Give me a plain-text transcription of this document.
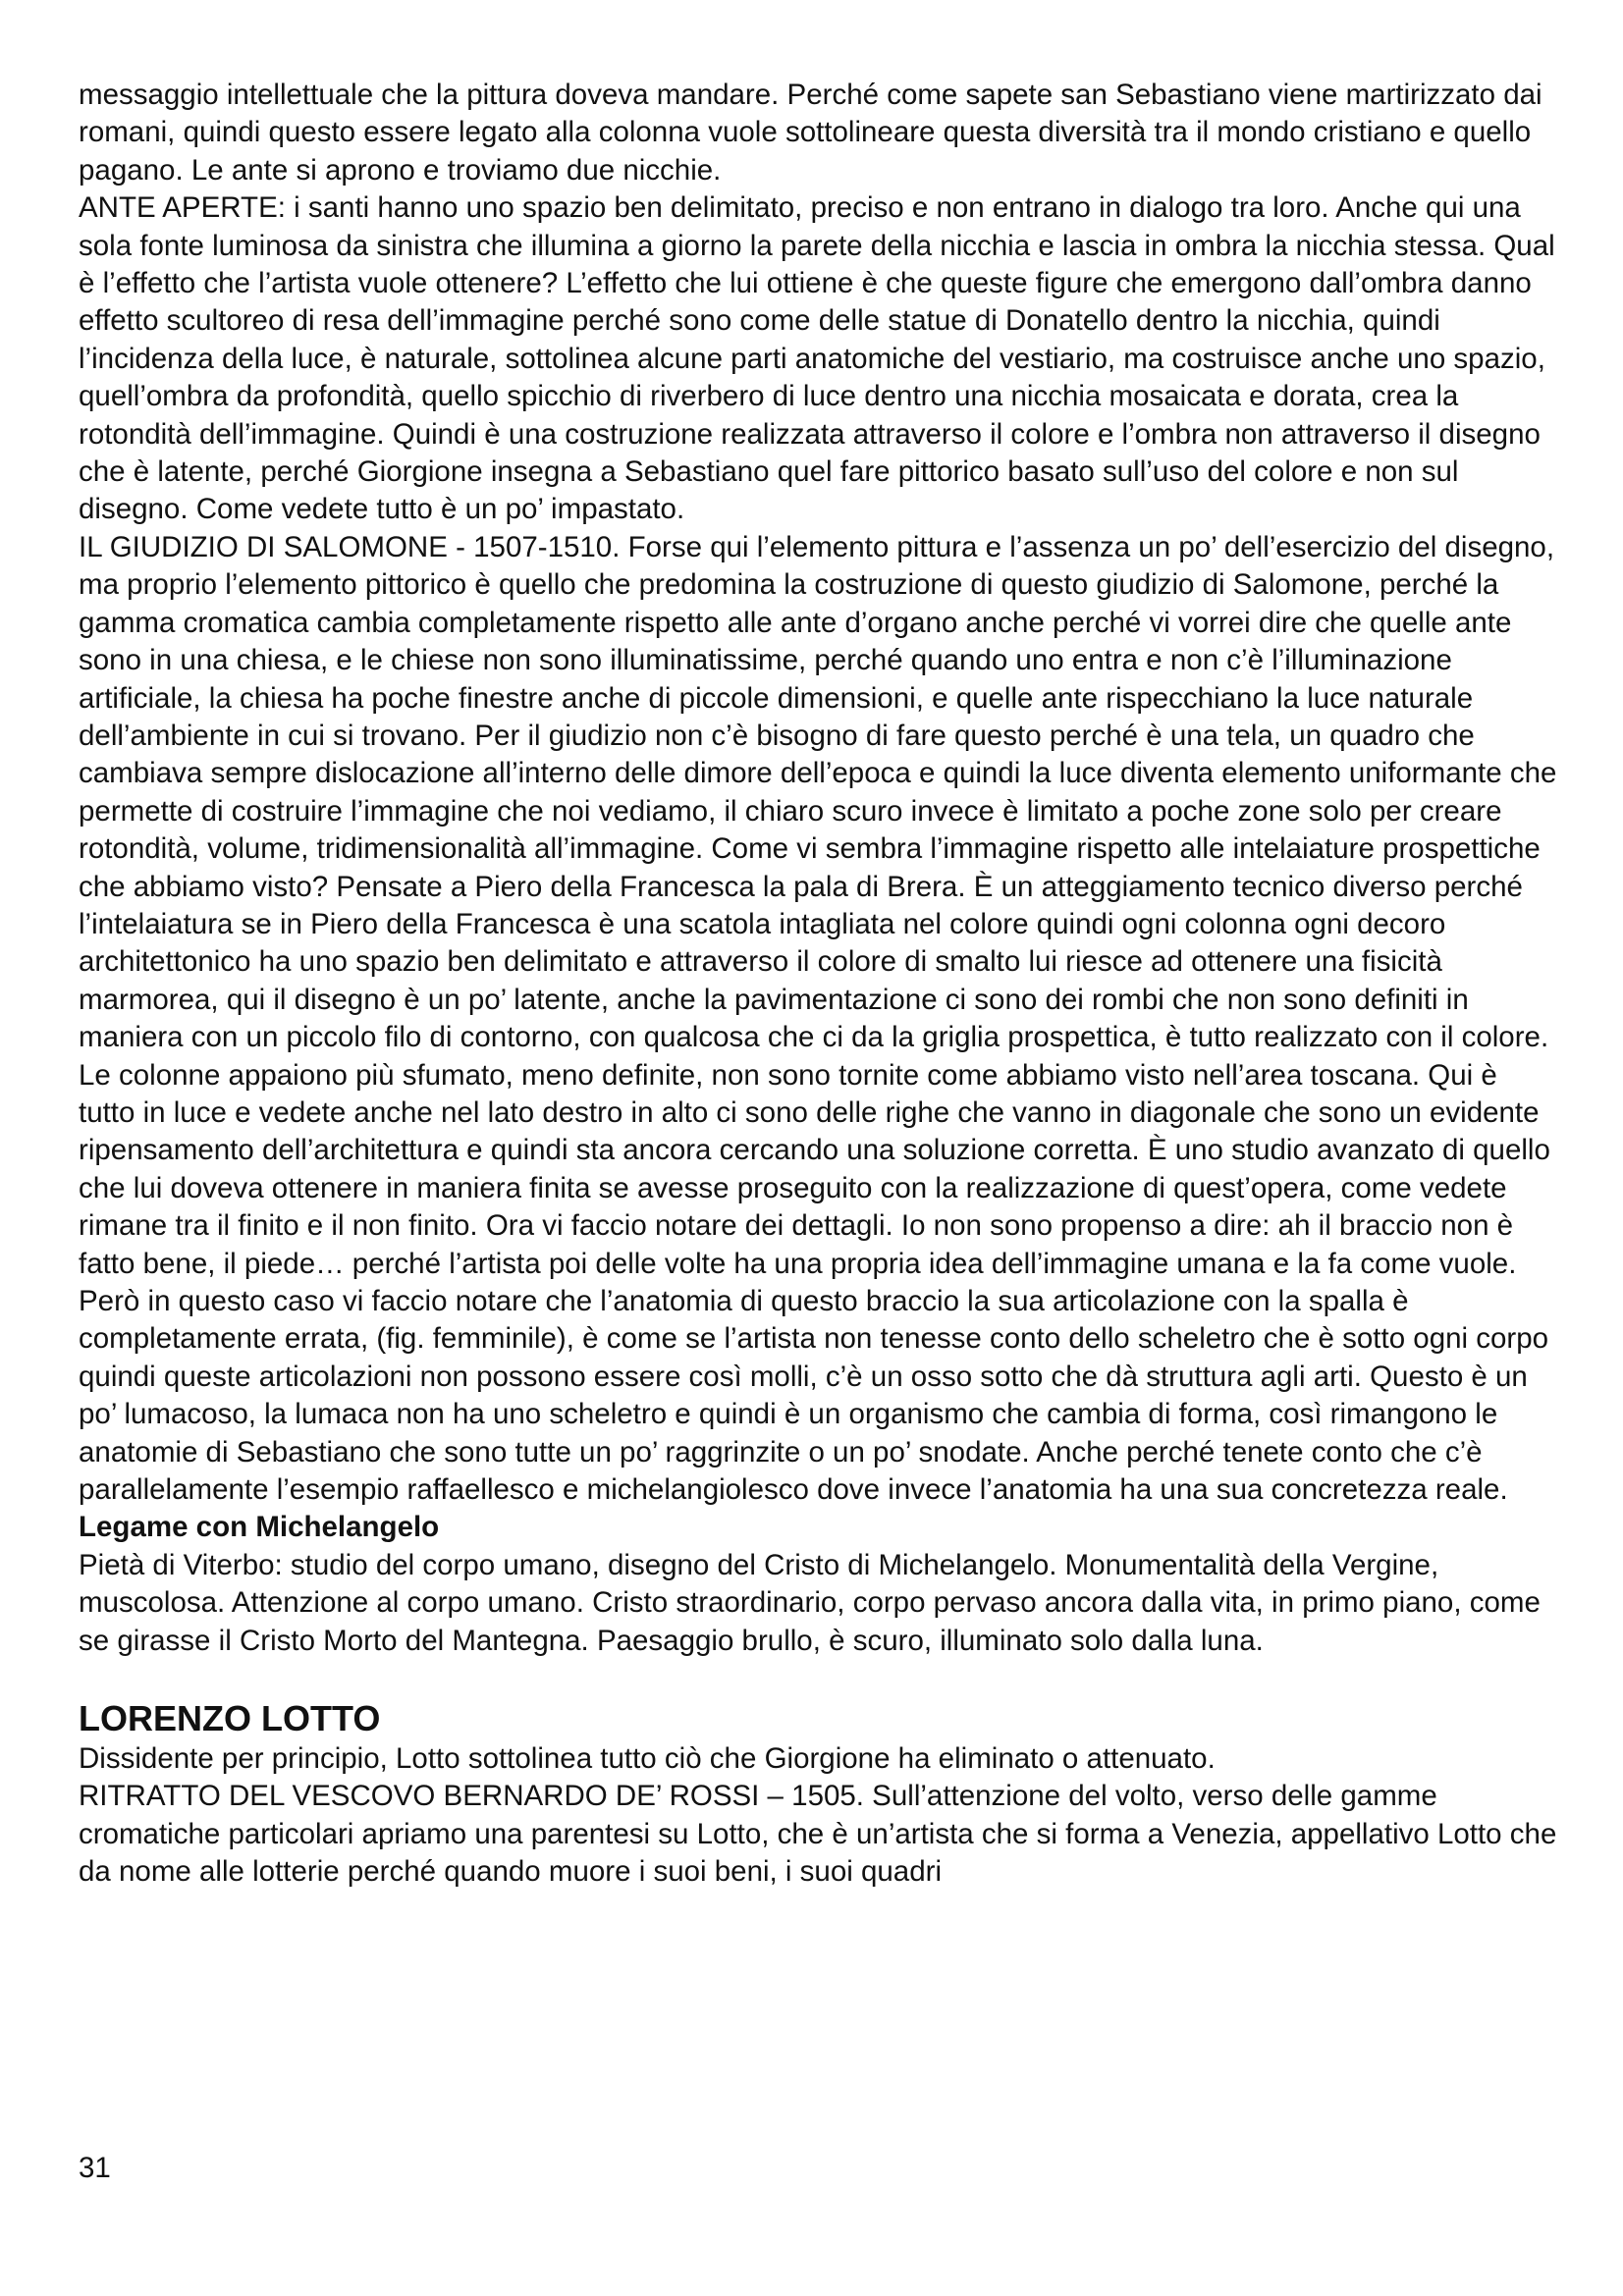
messaggio intellettuale che la pittura doveva mandare. Perché come sapete san Sebastiano viene martirizzato dai romani, quindi questo essere legato alla colonna vuole sottolineare questa diversità tra il mondo cristiano e quello pagano. Le ante si aprono e troviamo due nicchie.

ANTE APERTE: i santi hanno uno spazio ben delimitato, preciso e non entrano in dialogo tra loro. Anche qui una sola fonte luminosa da sinistra che illumina a giorno la parete della nicchia e lascia in ombra la nicchia stessa. Qual è l’effetto che l’artista vuole ottenere? L’effetto che lui ottiene è che queste figure che emergono dall’ombra danno effetto scultoreo di resa dell’immagine perché sono come delle statue di Donatello dentro la nicchia, quindi l’incidenza della luce, è naturale, sottolinea alcune parti anatomiche del vestiario, ma costruisce anche uno spazio, quell’ombra da profondità, quello spicchio di riverbero di luce dentro una nicchia mosaicata e dorata, crea la rotondità dell’immagine. Quindi è una costruzione realizzata attraverso il colore e l’ombra non attraverso il disegno che è latente, perché Giorgione insegna a Sebastiano quel fare pittorico basato sull’uso del colore e non sul disegno. Come vedete tutto è un po’ impastato.

IL GIUDIZIO DI SALOMONE - 1507-1510. Forse qui l’elemento pittura e l’assenza un po’ dell’esercizio del disegno, ma proprio l’elemento pittorico è quello che predomina la costruzione di questo giudizio di Salomone, perché la gamma cromatica cambia completamente rispetto alle ante d’organo anche perché vi vorrei dire che quelle ante sono in una chiesa, e le chiese non sono illuminatissime, perché quando uno entra e non c’è l’illuminazione artificiale, la chiesa ha poche finestre anche di piccole dimensioni, e quelle ante rispecchiano la luce naturale dell’ambiente in cui si trovano. Per il giudizio non c’è bisogno di fare questo perché è una tela, un quadro che cambiava sempre dislocazione all’interno delle dimore dell’epoca e quindi la luce diventa elemento uniformante che permette di costruire l’immagine che noi vediamo, il chiaro scuro invece è limitato a poche zone solo per creare rotondità, volume, tridimensionalità all’immagine. Come vi sembra l’immagine rispetto alle intelaiature prospettiche che abbiamo visto? Pensate a Piero della Francesca la pala di Brera. È un atteggiamento tecnico diverso perché l’intelaiatura se in Piero della Francesca è una scatola intagliata nel colore quindi ogni colonna ogni decoro architettonico ha uno spazio ben delimitato e attraverso il colore di smalto lui riesce ad ottenere una fisicità marmorea, qui il disegno è un po’ latente, anche la pavimentazione ci sono dei rombi che non sono definiti in maniera con un piccolo filo di contorno, con qualcosa che ci da la griglia prospettica, è tutto realizzato con il colore. Le colonne appaiono più sfumato, meno definite, non sono tornite come abbiamo visto nell’area toscana. Qui è tutto in luce e vedete anche nel lato destro in alto ci sono delle righe che vanno in diagonale che sono un evidente ripensamento dell’architettura e quindi sta ancora cercando una soluzione corretta. È uno studio avanzato di quello che lui doveva ottenere in maniera finita se avesse proseguito con la realizzazione di quest’opera, come vedete rimane tra il finito e il non finito. Ora vi faccio notare dei dettagli. Io non sono propenso a dire: ah il braccio non è fatto bene, il piede… perché l’artista poi delle volte ha una propria idea dell’immagine umana e la fa come vuole. Però in questo caso vi faccio notare che l’anatomia di questo braccio la sua articolazione con la spalla è completamente errata, (fig. femminile), è come se l’artista non tenesse conto dello scheletro che è sotto ogni corpo quindi queste articolazioni non possono essere così molli, c’è un osso sotto che dà struttura agli arti. Questo è un po’ lumacoso, la lumaca non ha uno scheletro e quindi è un organismo che cambia di forma, così rimangono le anatomie di Sebastiano che sono tutte un po’ raggrinzite o un po’ snodate. Anche perché tenete conto che c’è parallelamente l’esempio raffaellesco e michelangiolesco dove invece l’anatomia ha una sua concretezza reale.

Legame con Michelangelo

Pietà di Viterbo: studio del corpo umano, disegno del Cristo di Michelangelo. Monumentalità della Vergine, muscolosa. Attenzione al corpo umano. Cristo straordinario, corpo pervaso ancora dalla vita, in primo piano, come se girasse il Cristo Morto del Mantegna. Paesaggio brullo, è scuro, illuminato solo dalla luna.

LORENZO LOTTO

Dissidente per principio, Lotto sottolinea tutto ciò che Giorgione ha eliminato o attenuato.

RITRATTO DEL VESCOVO BERNARDO DE’ ROSSI – 1505. Sull’attenzione del volto, verso delle gamme cromatiche particolari apriamo una parentesi su Lotto, che è un’artista che si forma a Venezia, appellativo Lotto che da nome alle lotterie perché quando muore i suoi beni, i suoi quadri

31
